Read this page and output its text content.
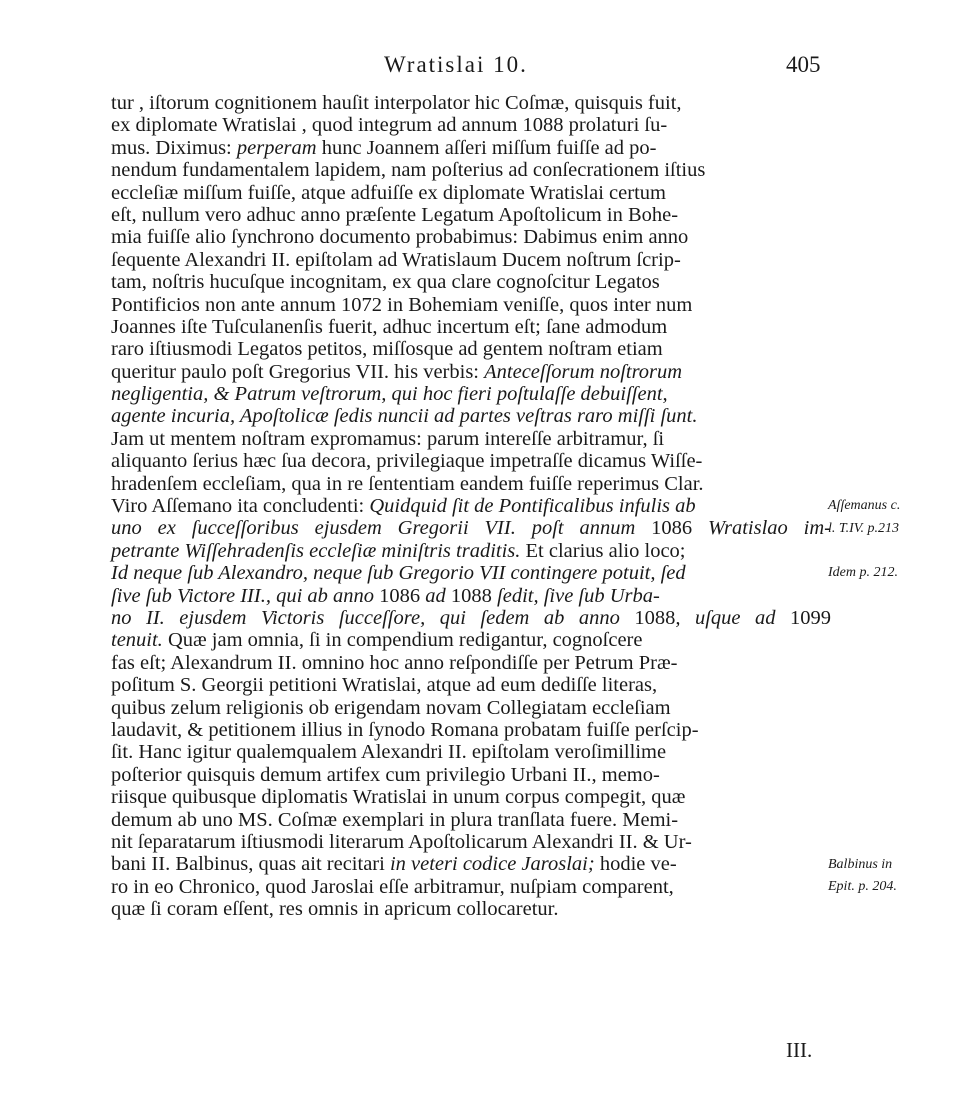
Wratislai 10.	405
tur , iſtorum cognitionem hauſit interpolator hic Coſmæ, quisquis fuit,
ex diplomate Wratislai , quod integrum ad annum 1088 prolaturi ſu-
mus. Diximus: perperam hunc Joannem aſſeri miſſum fuiſſe ad po-
nendum fundamentalem lapidem, nam poſterius ad conſecrationem iſtius
eccleſiæ miſſum fuiſſe, atque adfuiſſe ex diplomate Wratislai certum
eſt, nullum vero adhuc anno præſente Legatum Apoſtolicum in Bohe-
mia fuiſſe alio ſynchrono documento probabimus: Dabimus enim anno
ſequente Alexandri II. epiſtolam ad Wratislaum Ducem noſtrum ſcrip-
tam, noſtris hucuſque incognitam, ex qua clare cognoſcitur Legatos
Pontificios non ante annum 1072 in Bohemiam veniſſe, quos inter num
Joannes iſte Tuſculanenſis fuerit, adhuc incertum eſt; ſane admodum
raro iſtiusmodi Legatos petitos, miſſosque ad gentem noſtram etiam
queritur paulo poſt Gregorius VII. his verbis: Anteceſſorum noſtrorum
negligentia, & Patrum veſtrorum, qui hoc fieri poſtulaſſe debuiſſent,
agente incuria, Apoſtolicæ ſedis nuncii ad partes veſtras raro miſſi ſunt.
Jam ut mentem noſtram expromamus: parum intereſſe arbitramur, ſi
aliquanto ſerius hæc ſua decora, privilegiaque impetraſſe dicamus Wiſſe-
hradenſem eccleſiam, qua in re ſententiam eandem fuiſſe reperimus Clar.
Viro Aſſemano ita concludenti: Quidquid ſit de Pontificalibus infulis ab
uno ex ſucceſſoribus ejusdem Gregorii VII. poſt annum 1086 Wratislao im-
petrante Wiſſehradenſis eccleſiæ miniſtris traditis. Et clarius alio loco;
Id neque ſub Alexandro, neque ſub Gregorio VII contingere potuit, ſed
ſive ſub Victore III., qui ab anno 1086 ad 1088 ſedit, ſive ſub Urba-
no II. ejusdem Victoris ſucceſſore, qui ſedem ab anno 1088, uſque ad 1099
tenuit. Quæ jam omnia, ſi in compendium redigantur, cognoſcere
fas eſt; Alexandrum II. omnino hoc anno reſpondiſſe per Petrum Præ-
poſitum S. Georgii petitioni Wratislai, atque ad eum dediſſe literas,
quibus zelum religionis ob erigendam novam Collegiatam eccleſiam
laudavit, & petitionem illius in ſynodo Romana probatam fuiſſe perſcip-
ſit. Hanc igitur qualemqualem Alexandri II. epiſtolam veroſimillime
poſterior quisquis demum artifex cum privilegio Urbani II., memo-
riisque quibusque diplomatis Wratislai in unum corpus compegit, quæ
demum ab uno MS. Coſmæ exemplari in plura tranſlata fuere. Memi-
nit ſeparatarum iſtiusmodi literarum Apoſtolicarum Alexandri II. & Ur-
bani II. Balbinus, quas ait recitari in veteri codice Jaroslai; hodie ve-
ro in eo Chronico, quod Jaroslai eſſe arbitramur, nuſpiam comparent,
quæ ſi coram eſſent, res omnis in apricum collocaretur.
Aſſemanus c.
l. T.IV. p.213
Idem p. 212.
Balbinus in
Epit. p. 204.
III.
